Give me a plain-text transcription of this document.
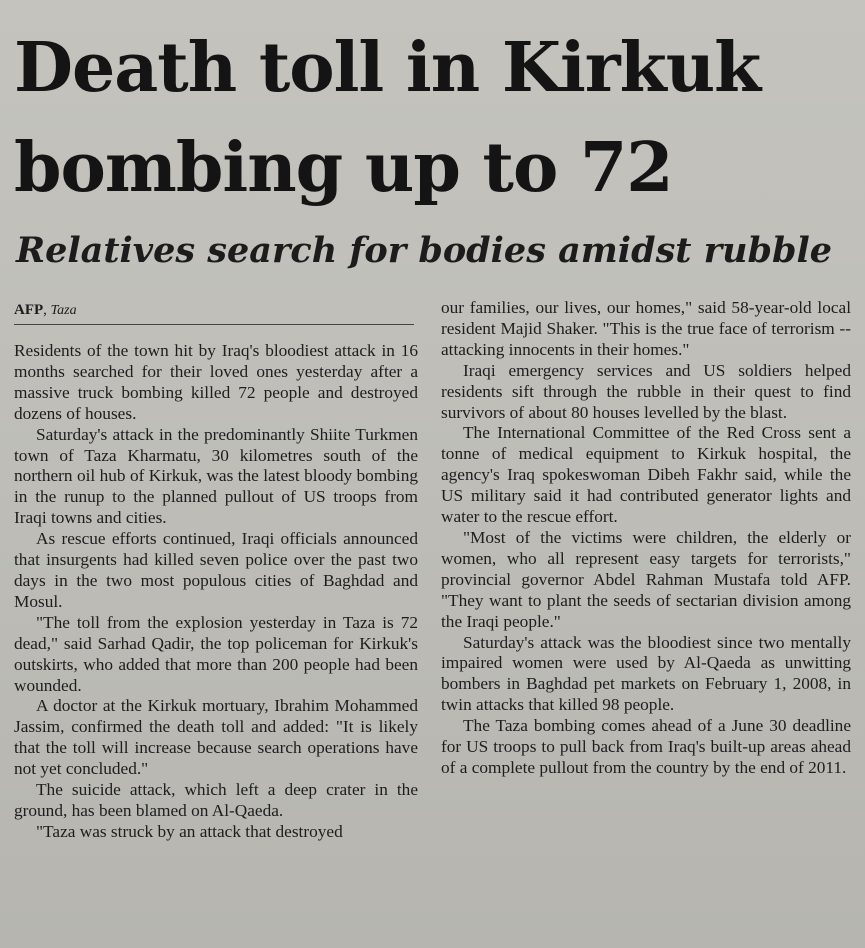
Death toll in Kirkuk bombing up to 72
Relatives search for bodies amidst rubble
AFP, Taza

Residents of the town hit by Iraq's bloodiest attack in 16 months searched for their loved ones yesterday after a massive truck bombing killed 72 people and destroyed dozens of houses.

Saturday's attack in the predominantly Shiite Turkmen town of Taza Kharmatu, 30 kilometres south of the northern oil hub of Kirkuk, was the latest bloody bombing in the runup to the planned pullout of US troops from Iraqi towns and cities.

As rescue efforts continued, Iraqi officials announced that insurgents had killed seven police over the past two days in the two most populous cities of Baghdad and Mosul.

"The toll from the explosion yesterday in Taza is 72 dead," said Sarhad Qadir, the top policeman for Kirkuk's outskirts, who added that more than 200 people had been wounded.

A doctor at the Kirkuk mortuary, Ibrahim Mohammed Jassim, confirmed the death toll and added: "It is likely that the toll will increase because search operations have not yet concluded."

The suicide attack, which left a deep crater in the ground, has been blamed on Al-Qaeda.

"Taza was struck by an attack that destroyed

our families, our lives, our homes," said 58-year-old local resident Majid Shaker. "This is the true face of terrorism -- attacking innocents in their homes."

Iraqi emergency services and US soldiers helped residents sift through the rubble in their quest to find survivors of about 80 houses levelled by the blast.

The International Committee of the Red Cross sent a tonne of medical equipment to Kirkuk hospital, the agency's Iraq spokeswoman Dibeh Fakhr said, while the US military said it had contributed generator lights and water to the rescue effort.

"Most of the victims were children, the elderly or women, who all represent easy targets for terrorists," provincial governor Abdel Rahman Mustafa told AFP. "They want to plant the seeds of sectarian division among the Iraqi people."

Saturday's attack was the bloodiest since two mentally impaired women were used by Al-Qaeda as unwitting bombers in Baghdad pet markets on February 1, 2008, in twin attacks that killed 98 people.

The Taza bombing comes ahead of a June 30 deadline for US troops to pull back from Iraq's built-up areas ahead of a complete pullout from the country by the end of 2011.
